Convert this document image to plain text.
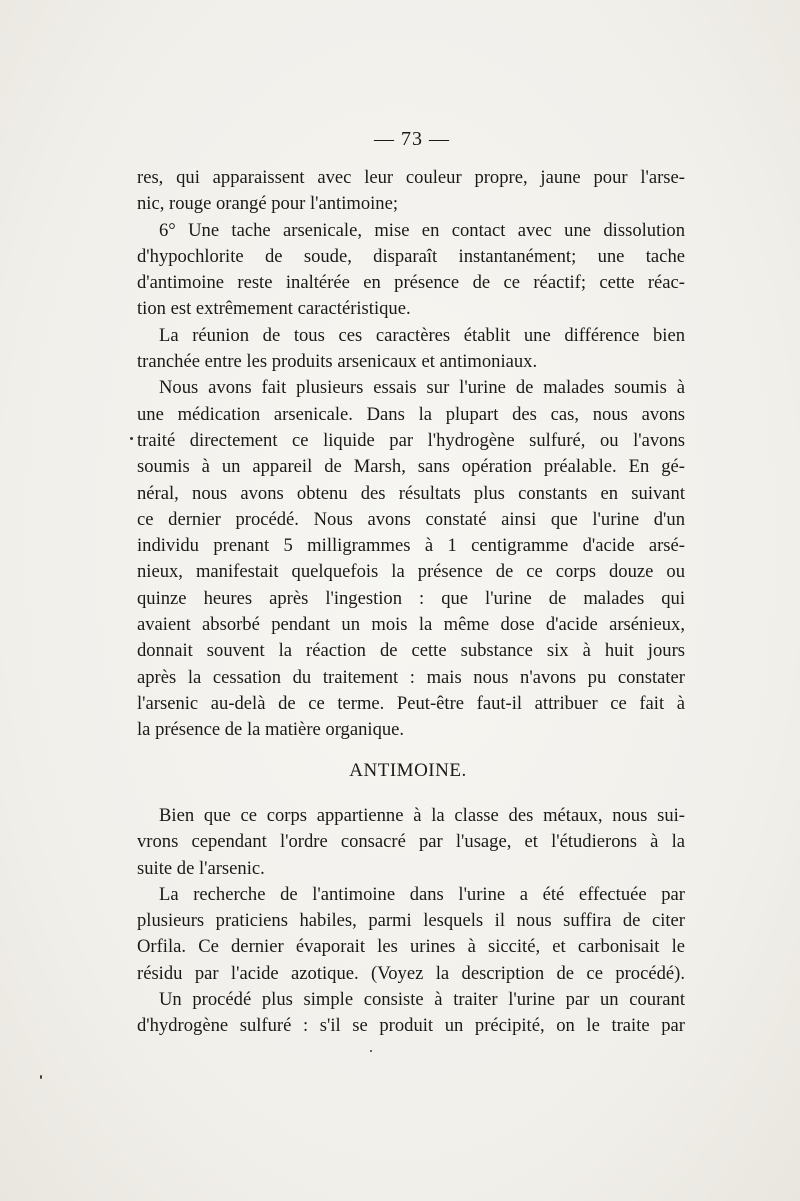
— 73 —
res, qui apparaissent avec leur couleur propre, jaune pour l'arse-
nic, rouge orangé pour l'antimoine;
6° Une tache arsenicale, mise en contact avec une dissolution
d'hypochlorite de soude, disparaît instantanément; une tache
d'antimoine reste inaltérée en présence de ce réactif; cette réac-
tion est extrêmement caractéristique.
La réunion de tous ces caractères établit une différence bien
tranchée entre les produits arsenicaux et antimoniaux.
Nous avons fait plusieurs essais sur l'urine de malades soumis à
une médication arsenicale. Dans la plupart des cas, nous avons
traité directement ce liquide par l'hydrogène sulfuré, ou l'avons
soumis à un appareil de Marsh, sans opération préalable. En gé-
néral, nous avons obtenu des résultats plus constants en suivant
ce dernier procédé. Nous avons constaté ainsi que l'urine d'un
individu prenant 5 milligrammes à 1 centigramme d'acide arsé-
nieux, manifestait quelquefois la présence de ce corps douze ou
quinze heures après l'ingestion : que l'urine de malades qui
avaient absorbé pendant un mois la même dose d'acide arsénieux,
donnait souvent la réaction de cette substance six à huit jours
après la cessation du traitement : mais nous n'avons pu constater
l'arsenic au-delà de ce terme. Peut-être faut-il attribuer ce fait à
la présence de la matière organique.
ANTIMOINE.
Bien que ce corps appartienne à la classe des métaux, nous sui-
vrons cependant l'ordre consacré par l'usage, et l'étudierons à la
suite de l'arsenic.
La recherche de l'antimoine dans l'urine a été effectuée par
plusieurs praticiens habiles, parmi lesquels il nous suffira de citer
Orfila. Ce dernier évaporait les urines à siccité, et carbonisait le
résidu par l'acide azotique. (Voyez la description de ce procédé).
Un procédé plus simple consiste à traiter l'urine par un courant
d'hydrogène sulfuré : s'il se produit un précipité, on le traite par
